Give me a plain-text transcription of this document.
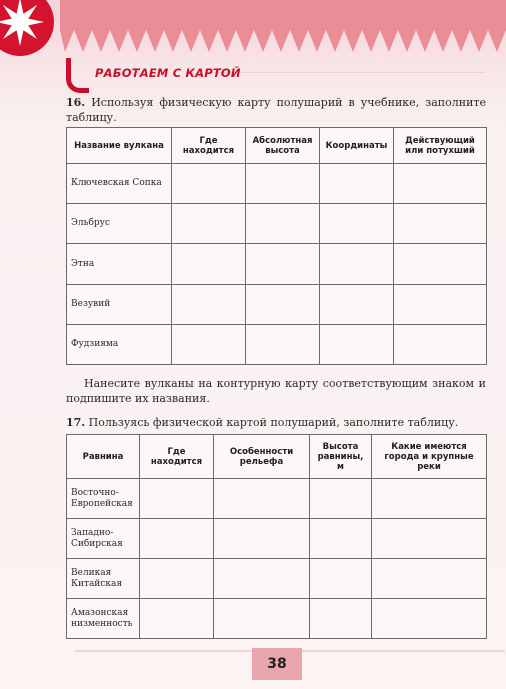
РАБОТАЕМ С КАРТОЙ
16. Используя физическую карту полушарий в учебнике, заполните таблицу.
Название вулкана	Где находится	Абсолютная высота	Координаты	Действующий или потухший
Ключевская Сопка				
Эльбрус				
Этна				
Везувий				
Фудзияма				
Нанесите вулканы на контурную карту соответствующим знаком и подпишите их названия.
17. Пользуясь физической картой полушарий, заполните таблицу.
Равнина	Где находится	Особенности рельефа	Высота равнины, м	Какие имеются города и крупные реки
Восточно-Европейская				
Западно-Сибирская				
Великая Китайская				
Амазонская низменность				
38
